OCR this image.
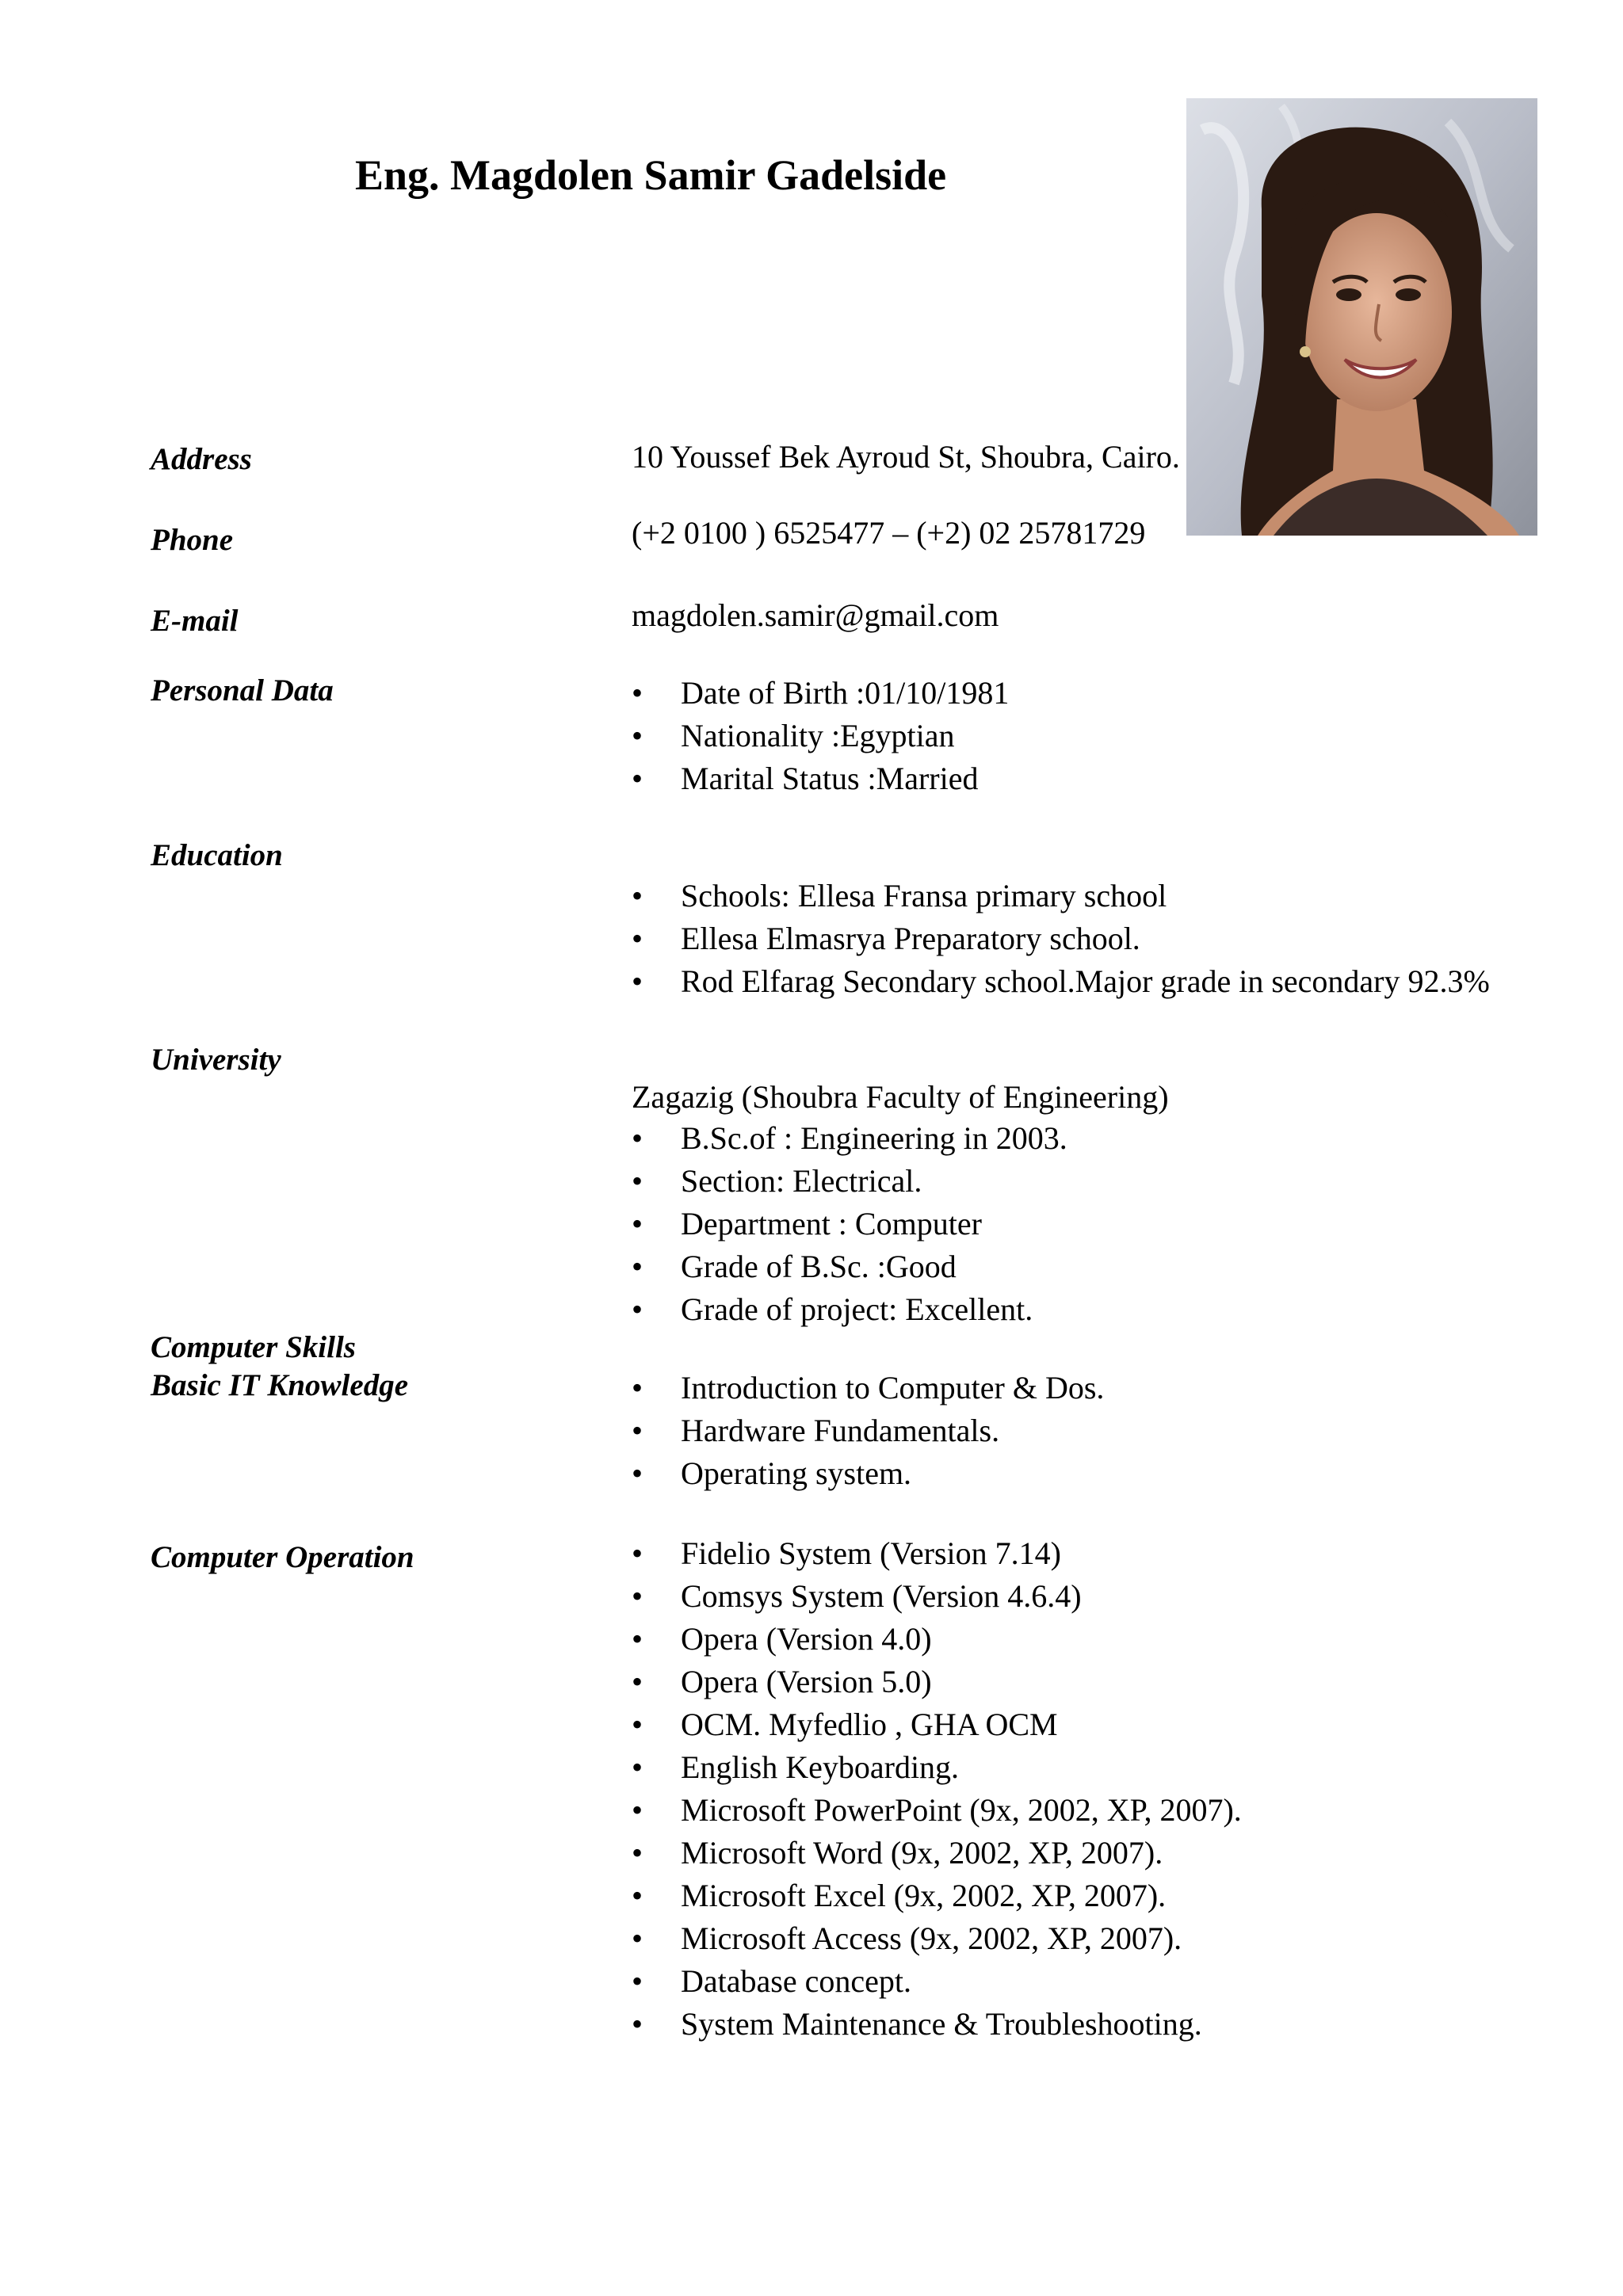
Eng. Magdolen Samir Gadelside
Address	10 Youssef Bek Ayroud St, Shoubra, Cairo.
Phone	(+2 0100 ) 6525477 – (+2) 02 25781729
E-mail	magdolen.samir@gmail.com
Personal Data	• Date of Birth :01/10/1981
• Nationality :Egyptian
• Marital Status :Married
Education
• Schools: Ellesa Fransa primary school
• Ellesa Elmasrya Preparatory school.
• Rod Elfarag Secondary school.Major grade in secondary 92.3%
University
Zagazig (Shoubra Faculty of Engineering)
• B.Sc.of : Engineering in 2003.
• Section: Electrical.
• Department : Computer
• Grade of B.Sc. :Good
• Grade of project: Excellent.
Computer Skills
Basic IT Knowledge	• Introduction to Computer & Dos.
• Hardware Fundamentals.
• Operating system.
Computer Operation	• Fidelio System (Version 7.14)
• Comsys System (Version 4.6.4)
• Opera (Version 4.0)
• Opera (Version 5.0)
• OCM. Myfedlio , GHA OCM
• English Keyboarding.
• Microsoft PowerPoint (9x, 2002, XP, 2007).
• Microsoft Word (9x, 2002, XP, 2007).
• Microsoft Excel (9x, 2002, XP, 2007).
• Microsoft Access (9x, 2002, XP, 2007).
• Database concept.
• System Maintenance & Troubleshooting.
